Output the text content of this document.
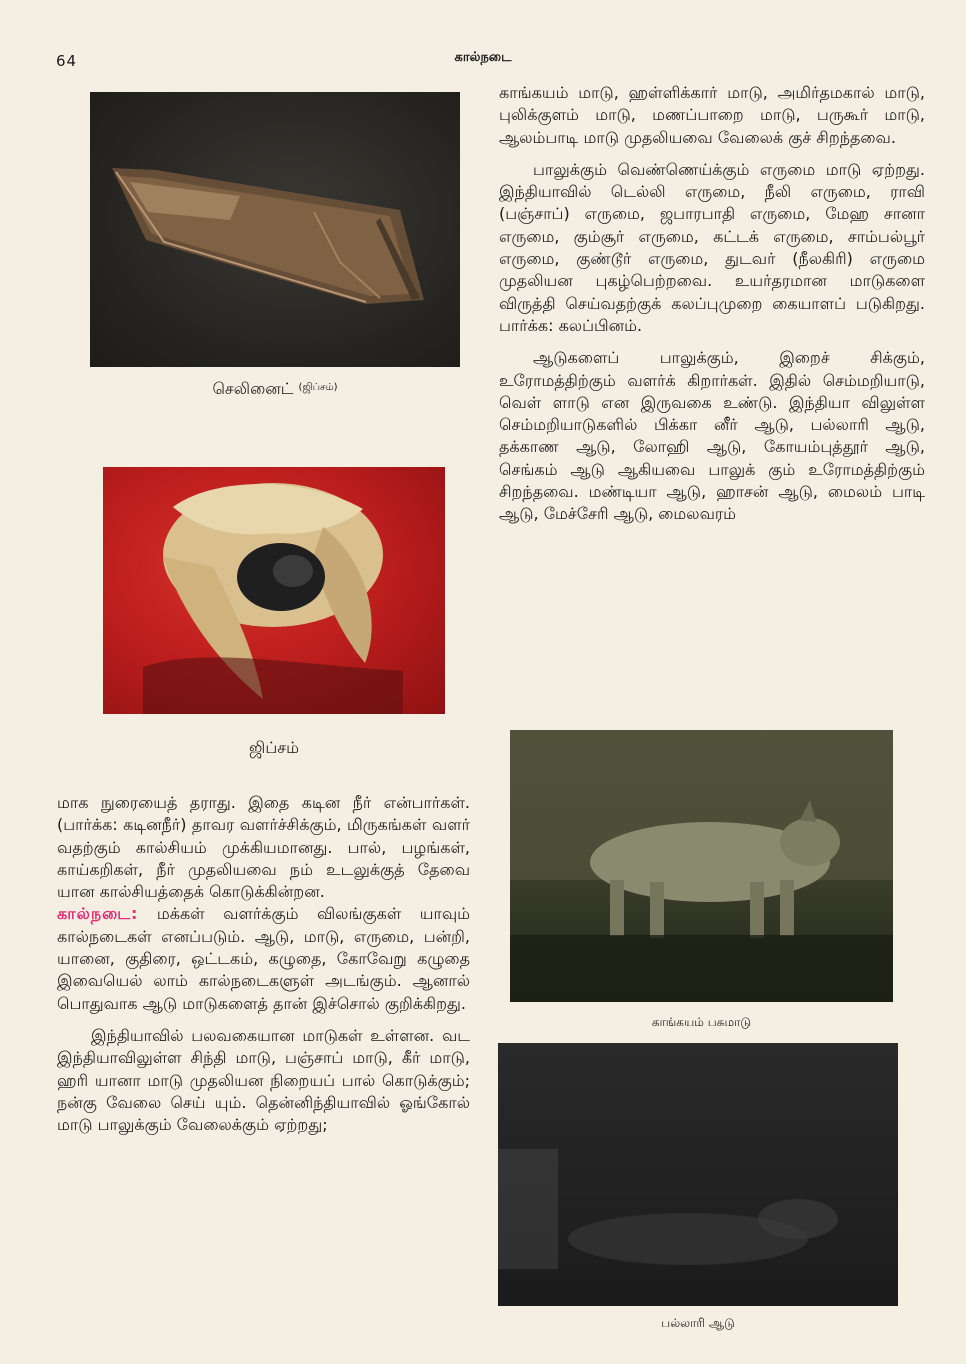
64	கால்நடை
செலினைட் $^{(ஜிப்சம்)}$
ஜிப்சம்

காங்கயம் மாடு, ஹள்ளிக்கார் மாடு, அமிர்தமகால் மாடு, புலிக்குளம் மாடு, மணப்பாறை மாடு, பருகூர் மாடு, ஆலம்பாடி மாடு முதலியவை வேலைக் குச் சிறந்தவை.

பாலுக்கும் வெண்ணெய்க்கும் எருமை மாடு ஏற்றது. இந்தியாவில் டெல்லி எருமை, நீலி எருமை, ராவி (பஞ்சாப்) எருமை, ஜபாரபாதி எருமை, மேஹ சானா எருமை, கும்சூர் எருமை, கட்டக் எருமை, சாம்பல்பூர் எருமை, குண்டூர் எருமை, துடவர் (நீலகிரி) எருமை முதலியன புகழ்பெற்றவை. உயர்தரமான மாடுகளை விருத்தி செய்வதற்குக் கலப்புமுறை கையாளப் படுகிறது. பார்க்க: கலப்பினம்.

ஆடுகளைப் பாலுக்கும், இறைச் சிக்கும், உரோமத்திற்கும் வளர்க் கிறார்கள். இதில் செம்மறியாடு, வெள் ளாடு என இருவகை உண்டு. இந்தியா விலுள்ள செம்மறியாடுகளில் பிக்கா னீர் ஆடு, பல்லாரி ஆடு, தக்காண ஆடு, லோஹி ஆடு, கோயம்புத்தூர் ஆடு, செங்கம் ஆடு ஆகியவை பாலுக் கும் உரோமத்திற்கும் சிறந்தவை. மண்டியா ஆடு, ஹாசன் ஆடு, மைலம் பாடி ஆடு, மேச்சேரி ஆடு, மைலவரம்

காங்கயம் பசுமாடு
பல்லாரி ஆடு

மாக நுரையைத் தராது. இதை கடின நீர் என்பார்கள். (பார்க்க: கடினநீர்) தாவர வளர்ச்சிக்கும், மிருகங்கள் வளர் வதற்கும் கால்சியம் முக்கியமானது. பால், பழங்கள், காய்கறிகள், நீர் முதலியவை நம் உடலுக்குத் தேவை யான கால்சியத்தைக் கொடுக்கின்றன.

கால்நடை: மக்கள் வளர்க்கும் விலங்குகள் யாவும் கால்நடைகள் எனப்படும். ஆடு, மாடு, எருமை, பன்றி, யானை, குதிரை, ஒட்டகம், கழுதை, கோவேறு கழுதை இவையெல் லாம் கால்நடைகளுள் அடங்கும். ஆனால் பொதுவாக ஆடு மாடுகளைத் தான் இச்சொல் குறிக்கிறது.

இந்தியாவில் பலவகையான மாடுகள் உள்ளன. வட இந்தியாவிலுள்ள சிந்தி மாடு, பஞ்சாப் மாடு, கீர் மாடு, ஹரி யானா மாடு முதலியன நிறையப் பால் கொடுக்கும்; நன்கு வேலை செய் யும். தென்னிந்தியாவில் ஓங்கோல் மாடு பாலுக்கும் வேலைக்கும் ஏற்றது;
